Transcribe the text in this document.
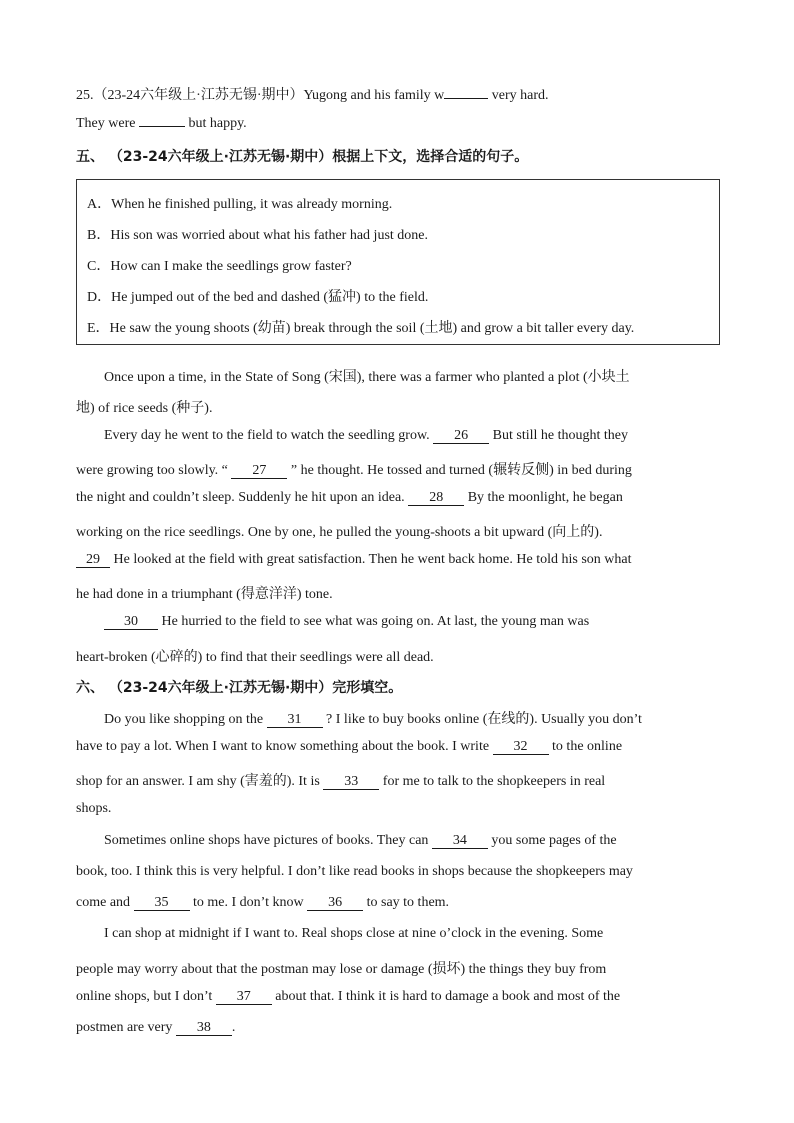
25.（23-24六年级上·江苏无锡·期中）Yugong and his family w	very hard.
They were	but happy.
五、 （23-24六年级上·江苏无锡·期中）根据上下文，选择合适的句子。
A．When he finished pulling, it was already morning.
B．His son was worried about what his father had just done.
C．How can I make the seedlings grow faster?
D．He jumped out of the bed and dashed (猛冲) to the field.
E．He saw the young shoots (幼苗) break through the soil (土地) and grow a bit taller every day.
Once upon a time, in the State of Song (宋国), there was a farmer who planted a plot (小块土
地) of rice seeds (种子).
Every day he went to the field to watch the seedling grow. 26 But still he thought they
were growing too slowly. “ 27 ” he thought. He tossed and turned (辗转反侧) in bed during
the night and couldn’t sleep. Suddenly he hit upon an idea. 28 By the moonlight, he began
working on the rice seedlings. One by one, he pulled the young-shoots a bit upward (向上的).
29 He looked at the field with great satisfaction. Then he went back home. He told his son what
he had done in a triumphant (得意洋洋) tone.
30 He hurried to the field to see what was going on. At last, the young man was
heart-broken (心碎的) to find that their seedlings were all dead.
六、 （23-24六年级上·江苏无锡·期中）完形填空。
Do you like shopping on the 31 ? I like to buy books online (在线的). Usually you don’t
have to pay a lot. When I want to know something about the book. I write 32 to the online
shop for an answer. I am shy (害羞的). It is 33 for me to talk to the shopkeepers in real
shops.
Sometimes online shops have pictures of books. They can 34 you some pages of the
book, too. I think this is very helpful. I don’t like read books in shops because the shopkeepers may
come and 35 to me. I don’t know 36 to say to them.
I can shop at midnight if I want to. Real shops close at nine o’clock in the evening. Some
people may worry about that the postman may lose or damage (损坏) the things they buy from
online shops, but I don’t 37 about that. I think it is hard to damage a book and most of the
postmen are very 38 .
